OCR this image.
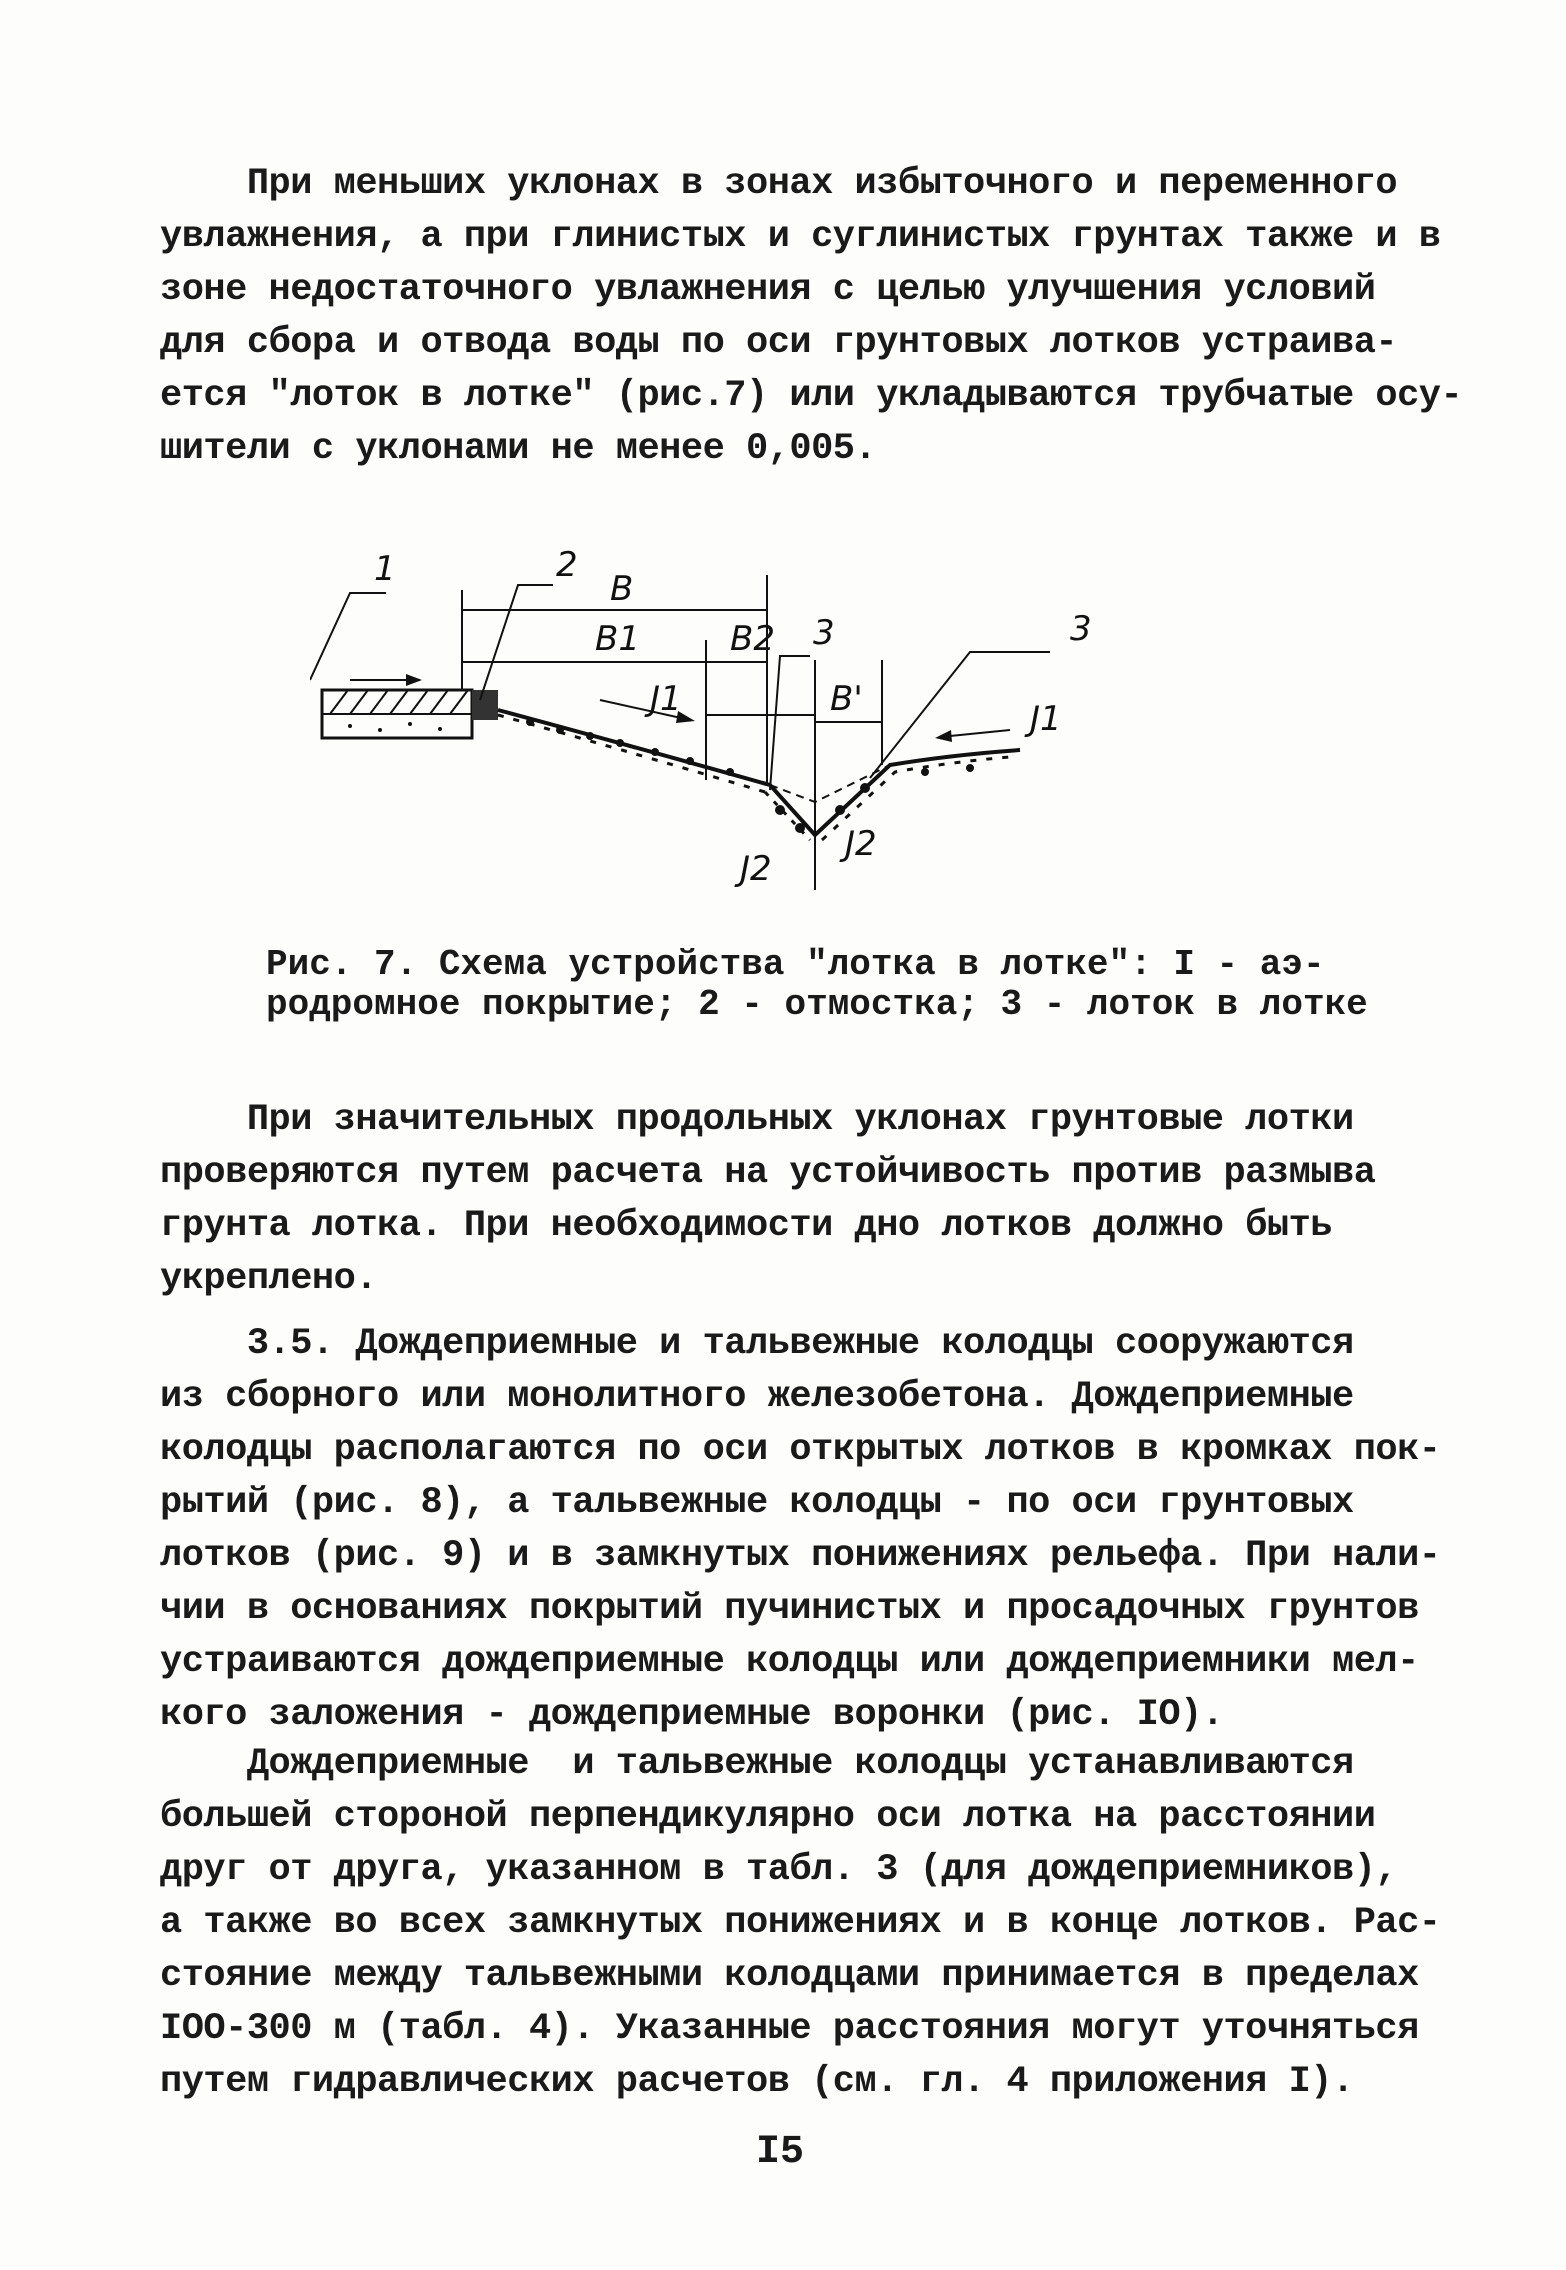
При меньших уклонах в зонах избыточного и переменного
увлажнения, а при глинистых и суглинистых грунтах также и в
зоне недостаточного увлажнения с целью улучшения условий
для сбора и отвода воды по оси грунтовых лотков устраива-
ется "лоток в лотке" (рис.7) или укладываются трубчатые осу-
шители с уклонами не менее 0,005.
1	2
B
B1	B2 3	3
B'
J1	J1
J2
J2
Рис. 7. Схема устройства "лотка в лотке": I - аэ-
родромное покрытие; 2 - отмостка; 3 - лоток в лотке
При значительных продольных уклонах грунтовые лотки
проверяются путем расчета на устойчивость против размыва
грунта лотка. При необходимости дно лотков должно быть
укреплено.
3.5. Дождеприемные и тальвежные колодцы сооружаются
из сборного или монолитного железобетона. Дождеприемные
колодцы располагаются по оси открытых лотков в кромках пок-
рытий (рис. 8), а тальвежные колодцы - по оси грунтовых
лотков (рис. 9) и в замкнутых понижениях рельефа. При нали-
чии в основаниях покрытий пучинистых и просадочных грунтов
устраиваются дождеприемные колодцы или дождеприемники мел-
кого заложения - дождеприемные воронки (рис. IO).
Дождеприемные  и тальвежные колодцы устанавливаются
большей стороной перпендикулярно оси лотка на расстоянии
друг от друга, указанном в табл. 3 (для дождеприемников),
а также во всех замкнутых понижениях и в конце лотков. Рас-
стояние между тальвежными колодцами принимается в пределах
IOO-300 м (табл. 4). Указанные расстояния могут уточняться
путем гидравлических расчетов (см. гл. 4 приложения I).
I5
